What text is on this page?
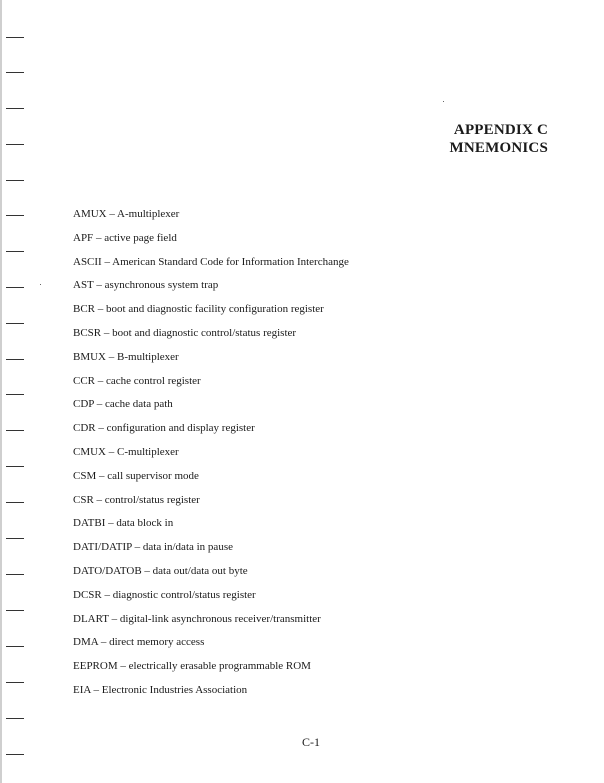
APPENDIX C
MNEMONICS
AMUX – A-multiplexer
APF – active page field
ASCII – American Standard Code for Information Interchange
AST – asynchronous system trap
BCR – boot and diagnostic facility configuration register
BCSR – boot and diagnostic control/status register
BMUX – B-multiplexer
CCR – cache control register
CDP – cache data path
CDR – configuration and display register
CMUX – C-multiplexer
CSM – call supervisor mode
CSR – control/status register
DATBI – data block in
DATI/DATIP – data in/data in pause
DATO/DATOB – data out/data out byte
DCSR – diagnostic control/status register
DLART – digital-link asynchronous receiver/transmitter
DMA – direct memory access
EEPROM – electrically erasable programmable ROM
EIA – Electronic Industries Association
C-1
